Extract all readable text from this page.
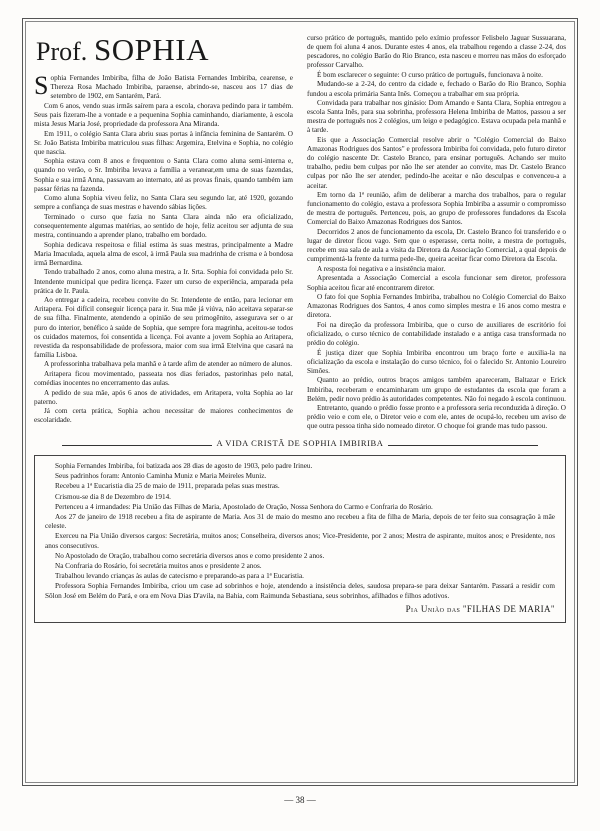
Prof. SOPHIA

Sophia Fernandes Imbiriba, filha de João Batista Fernandes Imbiriba, cearense, e Thereza Rosa Machado Imbiriba, paraense, abrindo-se, nasceu aos 17 dias de setembro de 1902, em Santarém, Pará.

Com 6 anos, vendo suas irmãs saírem para a escola, chorava pedindo para ir também. Seus pais fizeram-lhe a vontade e a pequenina Sophia caminhando, diariamente, à escola mista Jesus Maria José, propriedade da professora Ana Miranda.

Em 1911, o colégio Santa Clara abriu suas portas à infância feminina de Santarém. O Sr. João Batista Imbiriba matriculou suas filhas: Argemira, Etelvina e Sophia, no colégio que nascia.

Sophia estava com 8 anos e frequentou o Santa Clara como aluna semi-interna e, quando no verão, o Sr. Imbiriba levava a família a veranear,em uma de suas fazendas, Sophia e sua irmã Anna, passavam ao internato, até as provas finais, quando também iam passar férias na fazenda.

Como aluna Sophia viveu feliz, no Santa Clara seu segundo lar, até 1920, gozando sempre a confiança de suas mestras e havendo sábias lições.

Terminado o curso que fazia no Santa Clara ainda não era oficializado, consequentemente algumas matérias, ao sentido de hoje, feliz aceitou ser adjunta de sua mestra, continuando a aprender plano, trabalho em bordado.

Sophia dedicava respeitosa e filial estima às suas mestras, principalmente a Madre Maria Imaculada, aquela alma de escol, à irmã Paula sua madrinha de crisma e à bondosa irmã Bernardina.

Tendo trabalhado 2 anos, como aluna mestra, a Ir. Srta. Sophia foi convidada pelo Sr. Intendente municipal que pedira licença. Fazer um curso de experiência, amparada pela prática de Ir. Paula.

Ao entregar a cadeira, recebeu convite do Sr. Intendente de então, para lecionar em Aritapera. Foi difícil conseguir licença para ir. Sua mãe já viúva, não aceitava separar-se de sua filha. Finalmente, atendendo a opinião de seu primogênito, assegurava ser o ar puro do interior, benéfico à saúde de Sophia, que sempre fora magrinha, aceitou-se todos os cuidados maternos, foi consentida a licença. Foi avante a jovem Sophia ao Aritapera, revestida da responsabilidade de professora, maior com sua irmã Etelvina que casará na família Lisboa.

A professorinha trabalhava pela manhã e à tarde afim de atender ao número de alunos.

Aritapera ficou movimentado, passeata nos dias feriados, pastorinhas pelo natal, comédias inocentes no encerramento das aulas.

A pedido de sua mãe, após 6 anos de atividades, em Aritapera, volta Sophia ao lar paterno.

Já com certa prática, Sophia achou necessitar de maiores conhecimentos de escolaridade.

curso prático de português, mantido pelo exímio professor Felisbelo Jaguar Sussuarana, de quem foi aluna 4 anos. Durante estes 4 anos, ela trabalhou regendo a classe 2-24, dos pescadores, no colégio Barão do Rio Branco, esta nasceu e morreu nas mãos do esforçado professor Carvalho.

É bom esclarecer o seguinte: O curso prático de português, funcionava à noite.

Mudando-se a 2-24, do centro da cidade e, fechado o Barão do Rio Branco, Sophia fundou a escola primária Santa Inês. Começou a trabalhar em sua própria.

Convidada para trabalhar nos ginásio: Dom Amando e Santa Clara, Sophia entregou a escola Santa Inês, para sua sobrinha, professora Helena Imbiriba de Mattos, passou a ser mestra de português nos 2 colégios, um leigo e pedagógico. Estava ocupada pela manhã e à tarde.

Eis que a Associação Comercial resolve abrir o "Colégio Comercial do Baixo Amazonas Rodrigues dos Santos" e professora Imbiriba foi convidada, pelo futuro diretor do colégio nascente Dr. Castelo Branco, para ensinar português. Achando ser muito trabalho, pediu bem culpas por não lhe ser atender ao convite, mas Dr. Castelo Branco culpas por não lhe ser atender, pedindo-lhe aceitar e não desculpas e convenceu-a a aceitar.

Em torno da 1ª reunião, afim de deliberar a marcha dos trabalhos, para o regular funcionamento do colégio, estava a professora Sophia Imbiriba a assumir o compromisso de mestra de português. Pertenceu, pois, ao grupo de professores fundadores da Escola Comercial do Baixo Amazonas Rodrigues dos Santos.

Decorridos 2 anos de funcionamento da escola, Dr. Castelo Branco foi transferido e o lugar de diretor ficou vago. Sem que o esperasse, certa noite, a mestra de português, recebe em sua sala de aula a visita da Diretora da Associação Comercial, a qual depois de cumprimentá-la frente da turma pede-lhe, queira aceitar ficar como Diretora da Escola.

A resposta foi negativa e a insistência maior.

Apresentada a Associação Comercial a escola funcionar sem diretor, professora Sophia aceitou ficar até encontrarem diretor.

O fato foi que Sophia Fernandes Imbiriba, trabalhou no Colégio Comercial do Baixo Amazonas Rodrigues dos Santos, 4 anos como simples mestra e 16 anos como mestra e diretora.

Foi na direção da professora Imbiriba, que o curso de auxiliares de escritório foi oficializado, o curso técnico de contabilidade instalado e a antiga casa transformada no prédio do colégio.

É justiça dizer que Sophia Imbiriba encontrou um braço forte e auxilia-la na oficialização da escola e instalação do curso técnico, foi o falecido Sr. Antonio Loureiro Simões.

Quanto ao prédio, outros braços amigos também apareceram, Baltazar e Erick Imbiriba, receberam e encaminharam um grupo de estudantes da escola que foram a Belém, pedir novo prédio às autoridades competentes. Não foi negado à escola continuou.

Entretanto, quando o prédio fosse pronto e a professora seria reconduzida à direção. O prédio veio e com ele, o Diretor veio e com ele, antes de ocupá-lo, recebeu um aviso de que outra pessoa tinha sido nomeado diretor. O choque foi grande mas tudo passou.

A VIDA CRISTÃ DE SOPHIA IMBIRIBA

Sophia Fernandes Imbiriba, foi batizada aos 28 dias de agosto de 1903, pelo padre Irineu.

Seus padrinhos foram: Antonio Caminha Muniz e Maria Meireles Muniz.

Recebeu a 1ª Eucaristia dia 25 de maio de 1911, preparada pelas suas mestras.

Crismou-se dia 8 de Dezembro de 1914.

Pertenceu a 4 irmandades: Pia União das Filhas de Maria, Apostolado de Oração, Nossa Senhora do Carmo e Confraria do Rosário.

Aos 27 de janeiro de 1918 recebeu a fita de aspirante de Maria. Aos 31 de maio do mesmo ano recebeu a fita de filha de Maria, depois de ter feito sua consagração à mãe celeste.

Exerceu na Pia União diversos cargos: Secretária, muitos anos; Conselheira, diversos anos; Vice-Presidente, por 2 anos; Mestra de aspirante, muitos anos; e Presidente, nos anos consecutivos.

No Apostolado de Oração, trabalhou como secretária diversos anos e como presidente 2 anos.

Na Confraria do Rosário, foi secretária muitos anos e presidente 2 anos.

Trabalhou levando crianças às aulas de catecismo e preparando-as para a 1ª Eucaristia.

Professora Sophia Fernandes Imbiriba, criou um case ad sobrinhos e hoje, atendendo a insistência deles, saudosa prepara-se para deixar Santarém. Passará a residir com Sôlon José em Belém do Pará, e ora em Nova Dias D'avila, na Bahia, com Raimunda Sebastiana, seus sobrinhos, afilhados e filhos adotivos.

Pia União das "FILHAS DE MARIA"
— 38 —
